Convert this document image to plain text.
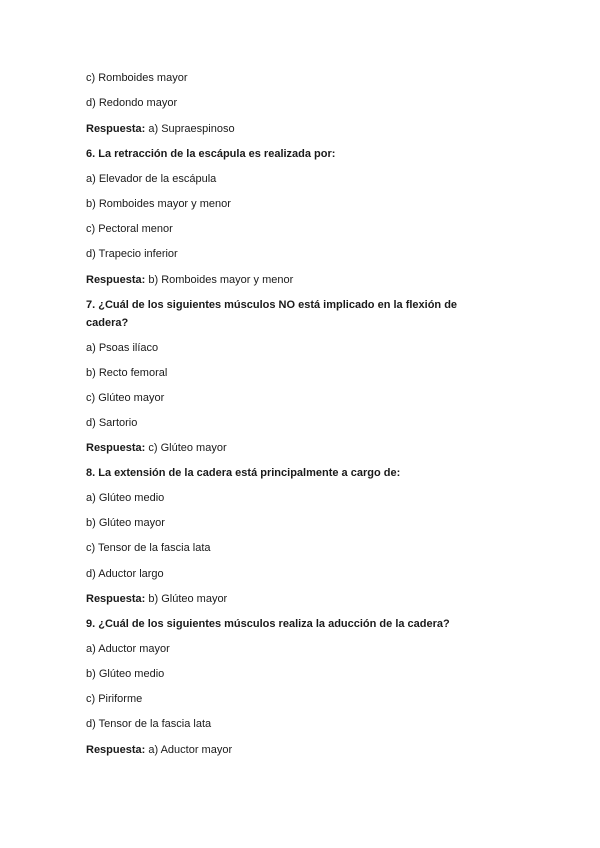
c) Romboides mayor
d) Redondo mayor
Respuesta: a) Supraespinoso
6. La retracción de la escápula es realizada por:
a) Elevador de la escápula
b) Romboides mayor y menor
c) Pectoral menor
d) Trapecio inferior
Respuesta: b) Romboides mayor y menor
7. ¿Cuál de los siguientes músculos NO está implicado en la flexión de
cadera?
a) Psoas ilíaco
b) Recto femoral
c) Glúteo mayor
d) Sartorio
Respuesta: c) Glúteo mayor
8. La extensión de la cadera está principalmente a cargo de:
a) Glúteo medio
b) Glúteo mayor
c) Tensor de la fascia lata
d) Aductor largo
Respuesta: b) Glúteo mayor
9. ¿Cuál de los siguientes músculos realiza la aducción de la cadera?
a) Aductor mayor
b) Glúteo medio
c) Piriforme
d) Tensor de la fascia lata
Respuesta: a) Aductor mayor
